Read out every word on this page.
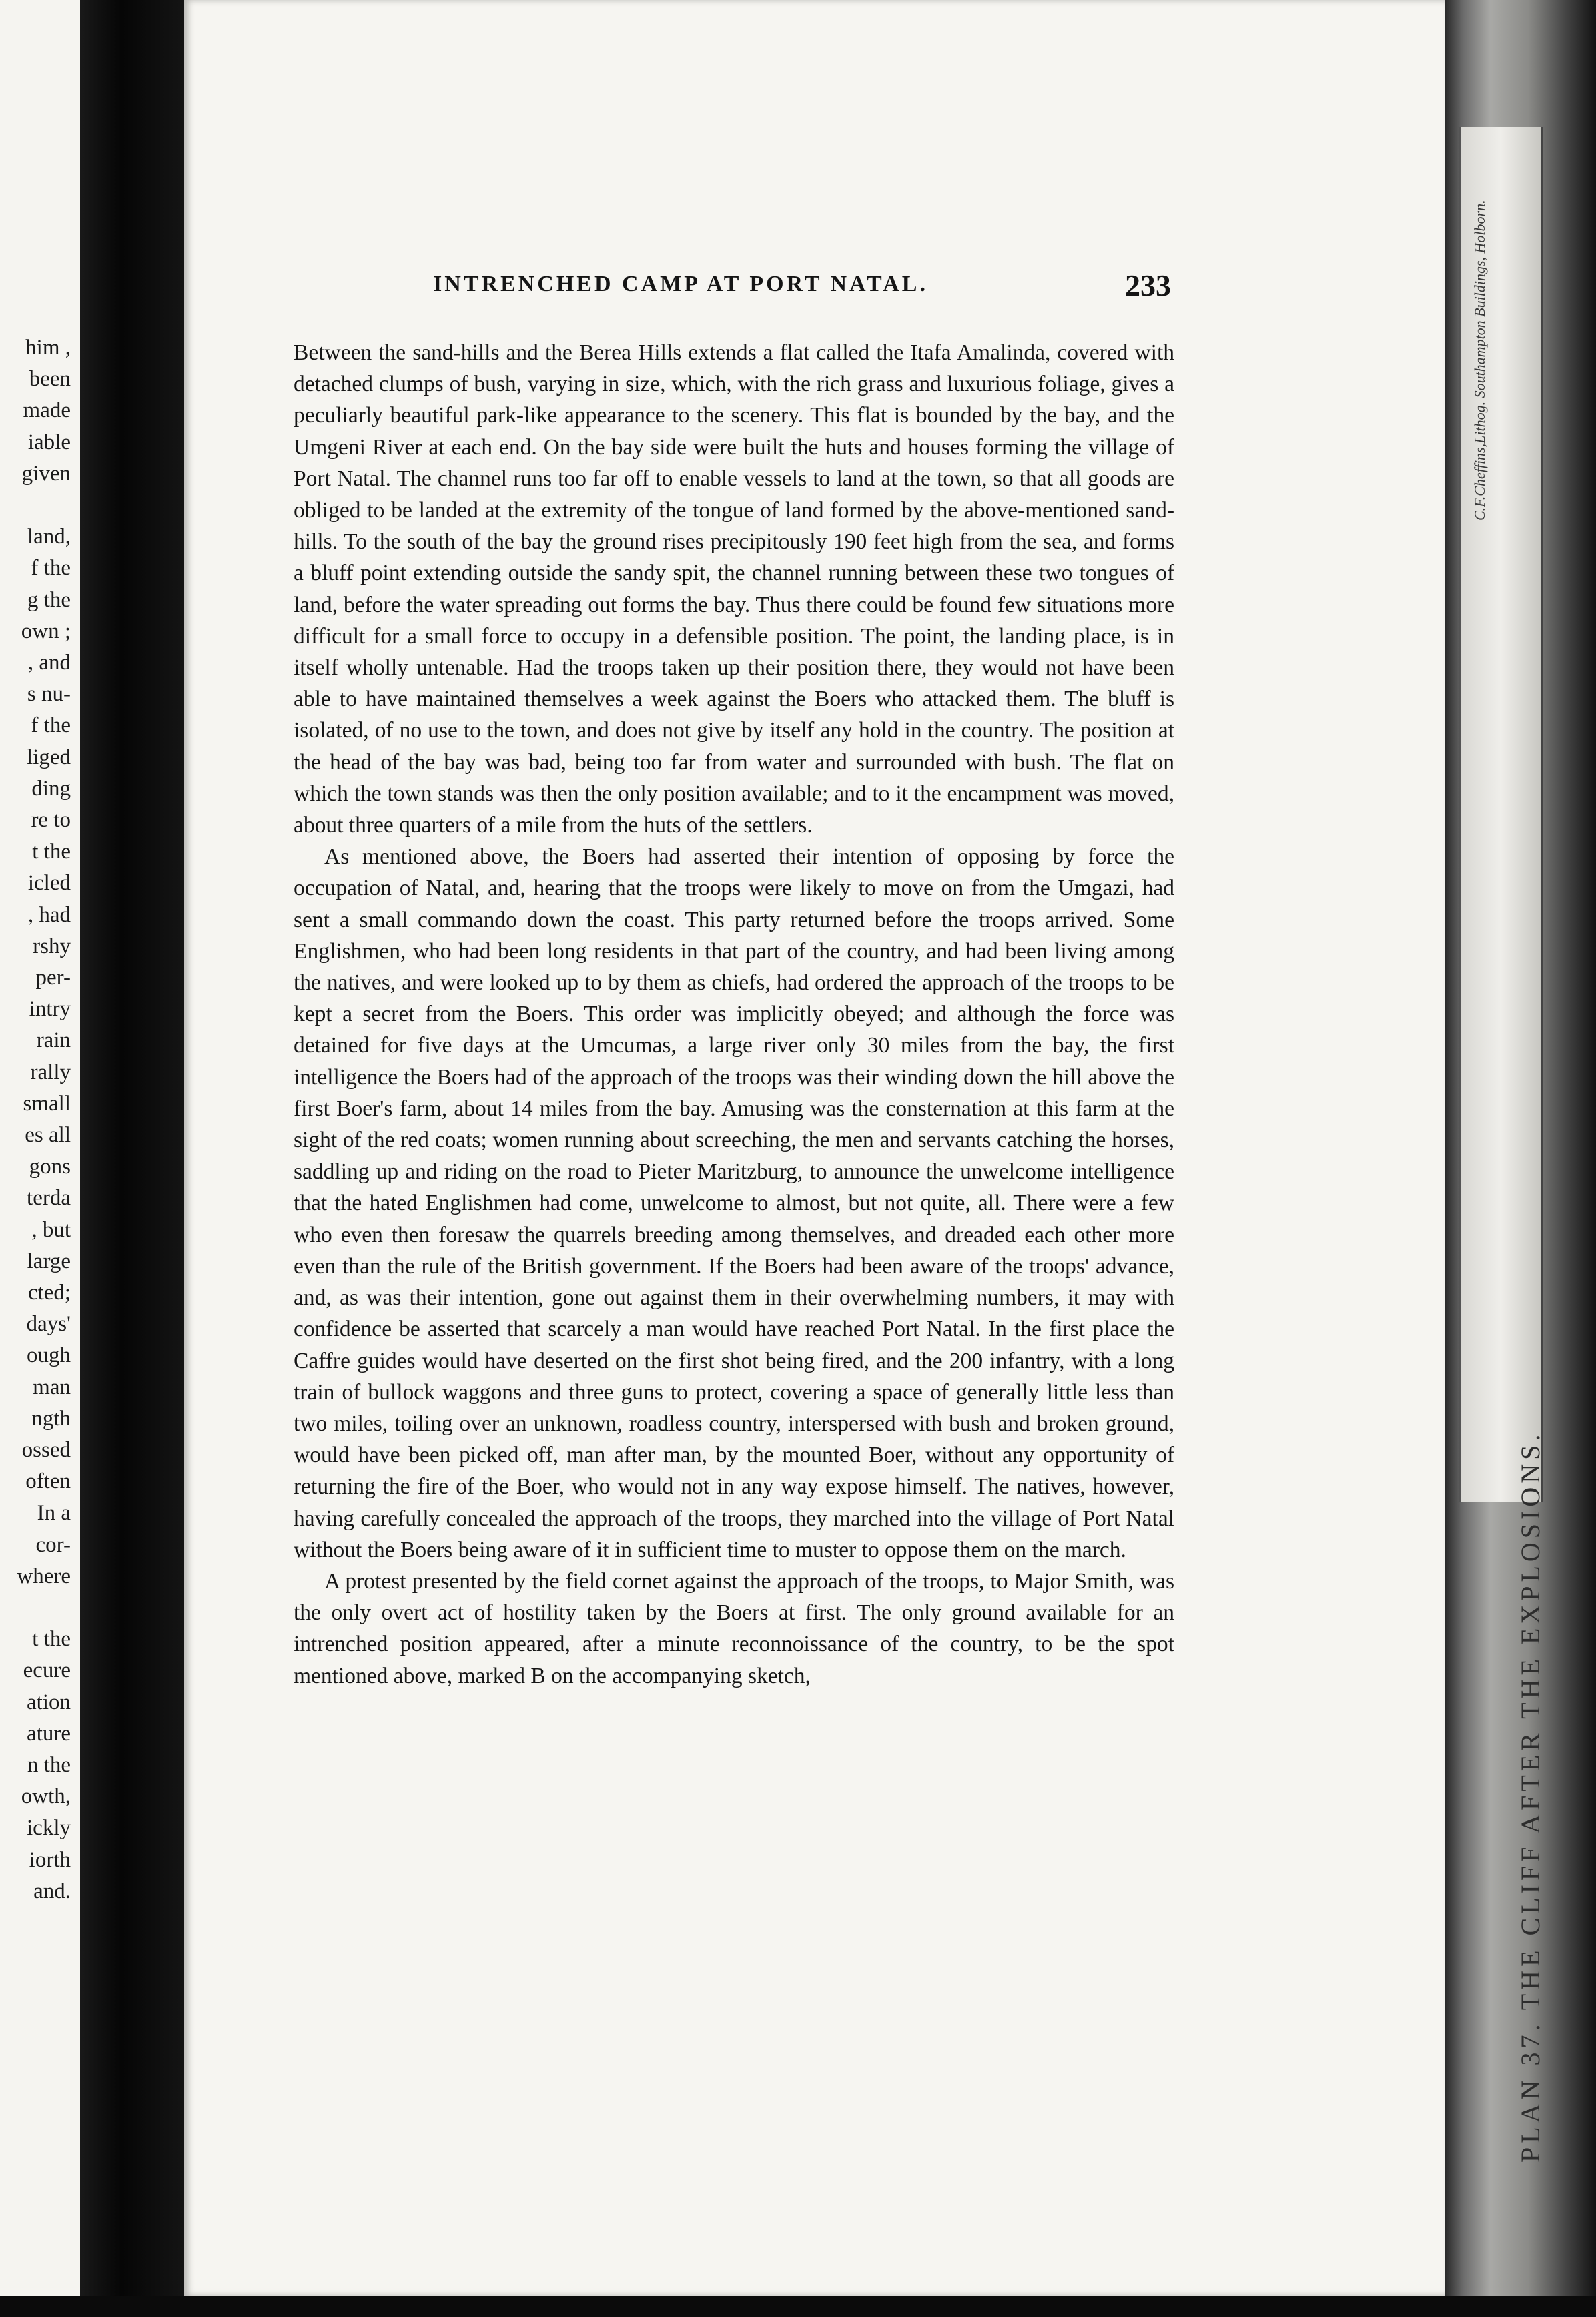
him ,
been
made
iable
given
land,
f the
g the
own ;
, and
s nu-
f the
liged
ding
re to
t the
icled
, had
rshy
per-
intry
rain
rally
small
es all
gons
terda
, but
large
cted;
days'
ough
man
ngth
ossed
often
In a
cor-
where
t the
ecure
ation
ature
n the
owth,
ickly
iorth
and.
INTRENCHED CAMP AT PORT NATAL.	233

Between the sand-hills and the Berea Hills extends a flat called the Itafa Amalinda, covered with detached clumps of bush, varying in size, which, with the rich grass and luxurious foliage, gives a peculiarly beautiful park-like appearance to the scenery. This flat is bounded by the bay, and the Umgeni River at each end. On the bay side were built the huts and houses forming the village of Port Natal. The channel runs too far off to enable vessels to land at the town, so that all goods are obliged to be landed at the extremity of the tongue of land formed by the above-mentioned sand-hills. To the south of the bay the ground rises precipitously 190 feet high from the sea, and forms a bluff point extending outside the sandy spit, the channel running between these two tongues of land, before the water spreading out forms the bay. Thus there could be found few situations more difficult for a small force to occupy in a defensible position. The point, the landing place, is in itself wholly untenable. Had the troops taken up their position there, they would not have been able to have maintained themselves a week against the Boers who attacked them. The bluff is isolated, of no use to the town, and does not give by itself any hold in the country. The position at the head of the bay was bad, being too far from water and surrounded with bush. The flat on which the town stands was then the only position available; and to it the encampment was moved, about three quarters of a mile from the huts of the settlers.

As mentioned above, the Boers had asserted their intention of opposing by force the occupation of Natal, and, hearing that the troops were likely to move on from the Umgazi, had sent a small commando down the coast. This party returned before the troops arrived. Some Englishmen, who had been long residents in that part of the country, and had been living among the natives, and were looked up to by them as chiefs, had ordered the approach of the troops to be kept a secret from the Boers. This order was implicitly obeyed; and although the force was detained for five days at the Umcumas, a large river only 30 miles from the bay, the first intelligence the Boers had of the approach of the troops was their winding down the hill above the first Boer's farm, about 14 miles from the bay. Amusing was the consternation at this farm at the sight of the red coats; women running about screeching, the men and servants catching the horses, saddling up and riding on the road to Pieter Maritzburg, to announce the unwelcome intelligence that the hated Englishmen had come, unwelcome to almost, but not quite, all. There were a few who even then foresaw the quarrels breeding among themselves, and dreaded each other more even than the rule of the British government. If the Boers had been aware of the troops' advance, and, as was their intention, gone out against them in their overwhelming numbers, it may with confidence be asserted that scarcely a man would have reached Port Natal. In the first place the Caffre guides would have deserted on the first shot being fired, and the 200 infantry, with a long train of bullock waggons and three guns to protect, covering a space of generally little less than two miles, toiling over an unknown, roadless country, interspersed with bush and broken ground, would have been picked off, man after man, by the mounted Boer, without any opportunity of returning the fire of the Boer, who would not in any way expose himself. The natives, however, having carefully concealed the approach of the troops, they marched into the village of Port Natal without the Boers being aware of it in sufficient time to muster to oppose them on the march.

A protest presented by the field cornet against the approach of the troops, to Major Smith, was the only overt act of hostility taken by the Boers at first. The only ground available for an intrenched position appeared, after a minute reconnoissance of the country, to be the spot mentioned above, marked B on the accompanying sketch,

C.F.Cheffins,Lithog. Southampton Buildings, Holborn.
PLAN 37. THE CLIFF AFTER THE EXPLOSIONS.
